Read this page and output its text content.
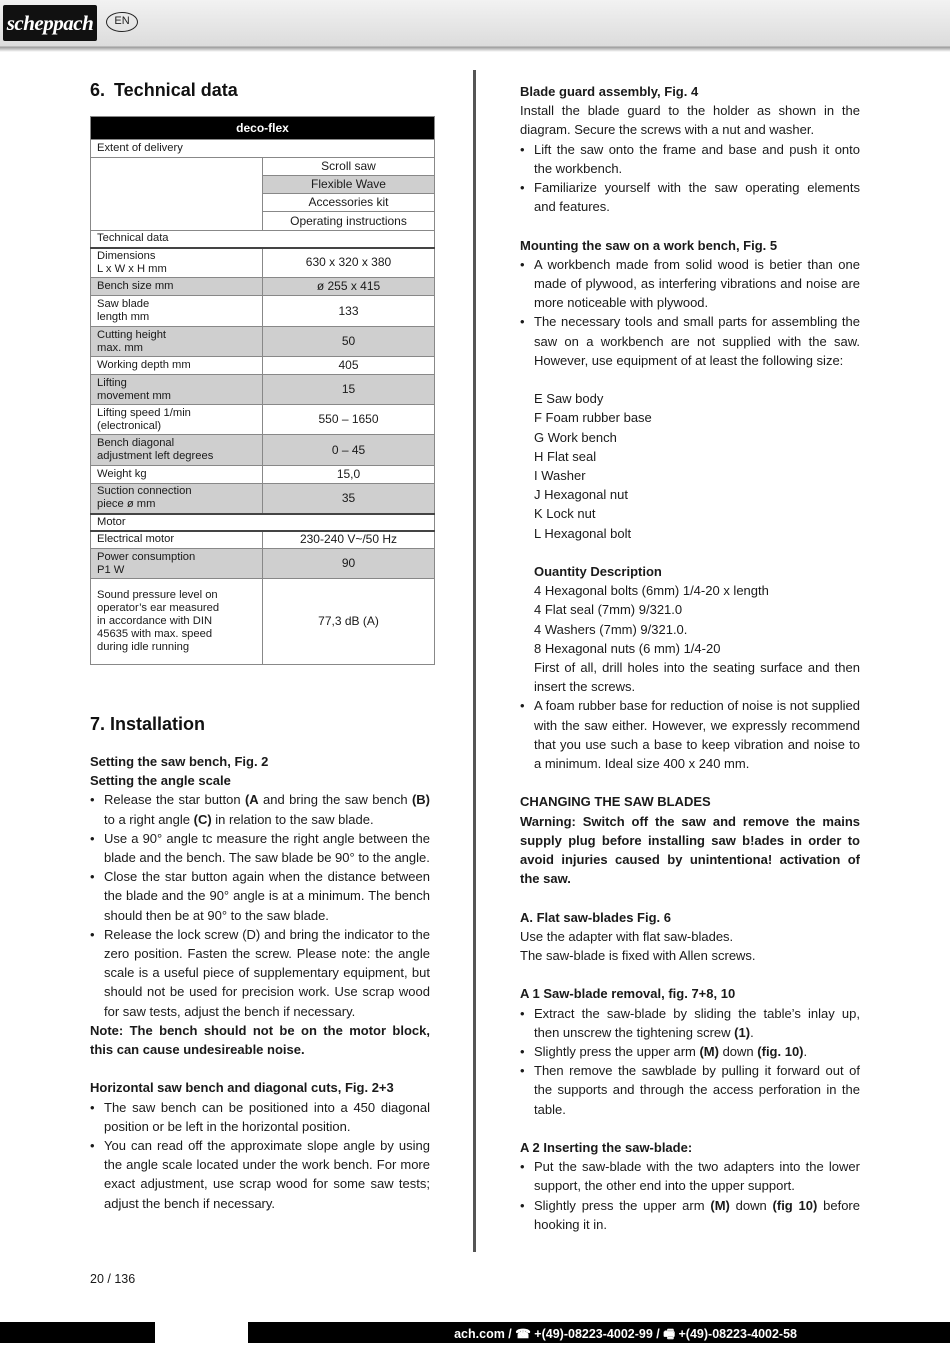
scheppach	EN
6. Technical data
deco-flex	
Extent of delivery	
	Scroll saw
	Flexible Wave
	Accessories kit
	Operating instructions
Technical data	
Dimensions
L x W x H mm	630 x 320 x 380
Bench size mm	ø 255 x 415
Saw blade
length mm	133
Cutting height
max. mm	50
Working depth mm	405
Lifting
movement mm	15
Lifting speed 1/min
(electronical)	550 – 1650
Bench diagonal
adjustment left degrees	0 – 45
Weight kg	15,0
Suction connection
piece ø mm	35
Motor	
Electrical motor	230-240 V~/50 Hz
Power consumption
P1 W	90
Sound pressure level on
operator’s ear measured
in accordance with DIN
45635 with max. speed
during idle running	77,3 dB (A)
7. Installation

Setting the saw bench, Fig. 2

Setting the angle scale

• Release the star button (A and bring the saw bench (B) to a right angle (C) in relation to the saw blade.
• Use a 90° angle tc measure the right angle between the blade and the bench. The saw blade be 90° to the angle.
• Close the star button again when the distance between the blade and the 90° angle is at a minimum. The bench should then be at 90° to the saw blade.
• Release the lock screw (D) and bring the indicator to the zero position. Fasten the screw. Please note: the angle scale is a useful piece of supplementary equipment, but should not be used for precision work. Use scrap wood for saw tests, adjust the bench if necessary.

Note: The bench should not be on the motor block, this can cause undesireable noise.

Horizontal saw bench and diagonal cuts, Fig. 2+3

• The saw bench can be positioned into a 450 diagonal position or be left in the horizontal position.
• You can read off the approximate slope angle by using the angle scale located under the work bench. For more exact adjustment, use scrap wood for some saw tests; adjust the bench if necessary.

Blade guard assembly, Fig. 4

Install the blade guard to the holder as shown in the diagram. Secure the screws with a nut and washer.

• Lift the saw onto the frame and base and push it onto the workbench.
• Familiarize yourself with the saw operating elements and features.

Mounting the saw on a work bench, Fig. 5

• A workbench made from solid wood is betier than one made of plywood, as interfering vibrations and noise are more noticeable with plywood.
• The necessary tools and small parts for assembling the saw on a workbench are not supplied with the saw. However, use equipment of at least the following size:

E Saw body

F Foam rubber base

G Work bench

H Flat seal

I Washer

J Hexagonal nut

K Lock nut

L Hexagonal bolt

Ouantity Description

4 Hexagonal bolts (6mm) 1/4-20 x length

4 Flat seal (7mm) 9/321.0

4 Washers (7mm) 9/321.0.

8 Hexagonal nuts (6 mm) 1/4-20

First of all, drill holes into the seating surface and then insert the screws.

• A foam rubber base for reduction of noise is not supplied with the saw either. However, we expressly recommend that you use such a base to keep vibration and noise to a minimum. Ideal size 400 x 240 mm.

CHANGING THE SAW BLADES

Warning: Switch off the saw and remove the mains supply plug before installing saw b!ades in order to avoid injuries caused by unintentiona! activation of the saw.

A. Flat saw-blades Fig. 6

Use the adapter with flat saw-blades.

The saw-blade is fixed with Allen screws.

A 1 Saw-blade removal, fig. 7+8, 10

• Extract the saw-blade by sliding the table’s inlay up, then unscrew the tightening screw (1).
• Slightly press the upper arm (M) down (fig. 10).
• Then remove the sawblade by pulling it forward out of the supports and through the access perforation in the table.

A 2 Inserting the saw-blade:

• Put the saw-blade with the two adapters into the lower support, the other end into the upper support.
• Slightly press the upper arm (M) down (fig 10) before hooking it in.
20 / 136
ach.com / ☎ +(49)-08223-4002-99 / 🖷 +(49)-08223-4002-58
